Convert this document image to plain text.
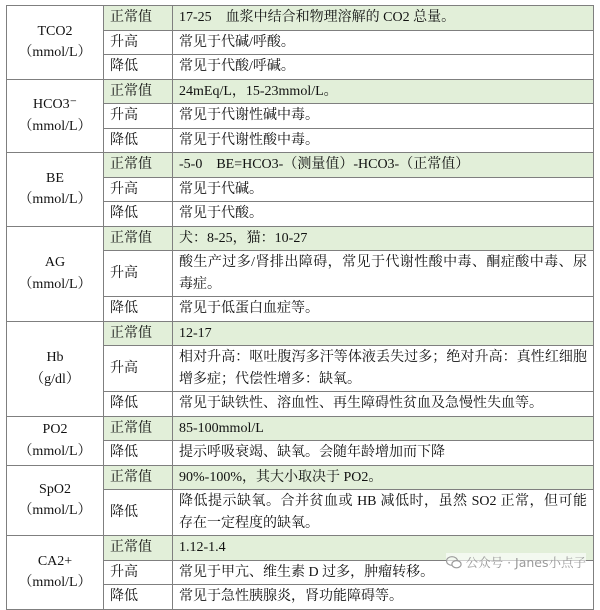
TCO2
（mmol/L）	正常值	17-25　血浆中结合和物理溶解的 CO2 总量。
	升高	常见于代碱/呼酸。
	降低	常见于代酸/呼碱。

HCO3⁻
（mmol/L）	正常值	24mEq/L，15-23mmol/L。
	升高	常见于代谢性碱中毒。
	降低	常见于代谢性酸中毒。

BE
（mmol/L）	正常值	-5-0　BE=HCO3-（测量值）-HCO3-（正常值）
	升高	常见于代碱。
	降低	常见于代酸。

AG
（mmol/L）	正常值	犬：8-25，猫：10-27
	升高	酸生产过多/肾排出障碍，常见于代谢性酸中毒、酮症酸中毒、尿毒症。
	降低	常见于低蛋白血症等。

Hb
（g/dl）	正常值	12-17
	升高	相对升高：呕吐腹泻多汗等体液丢失过多；绝对升高：真性红细胞增多症；代偿性增多：缺氧。
	降低	常见于缺铁性、溶血性、再生障碍性贫血及急慢性失血等。

PO2
（mmol/L）	正常值	85-100mmol/L
	降低	提示呼吸衰竭、缺氧。会随年龄增加而下降

SpO2
（mmol/L）	正常值	90%-100%，其大小取决于 PO2。
	降低	降低提示缺氧。合并贫血或 HB 减低时，虽然 SO2 正常，但可能存在一定程度的缺氧。

CA2+
（mmol/L）	正常值	1.12-1.4
	升高	常见于甲亢、维生素 D 过多，肿瘤转移。
	降低	常见于急性胰腺炎，肾功能障碍等。
公众号 · Janes小点子
